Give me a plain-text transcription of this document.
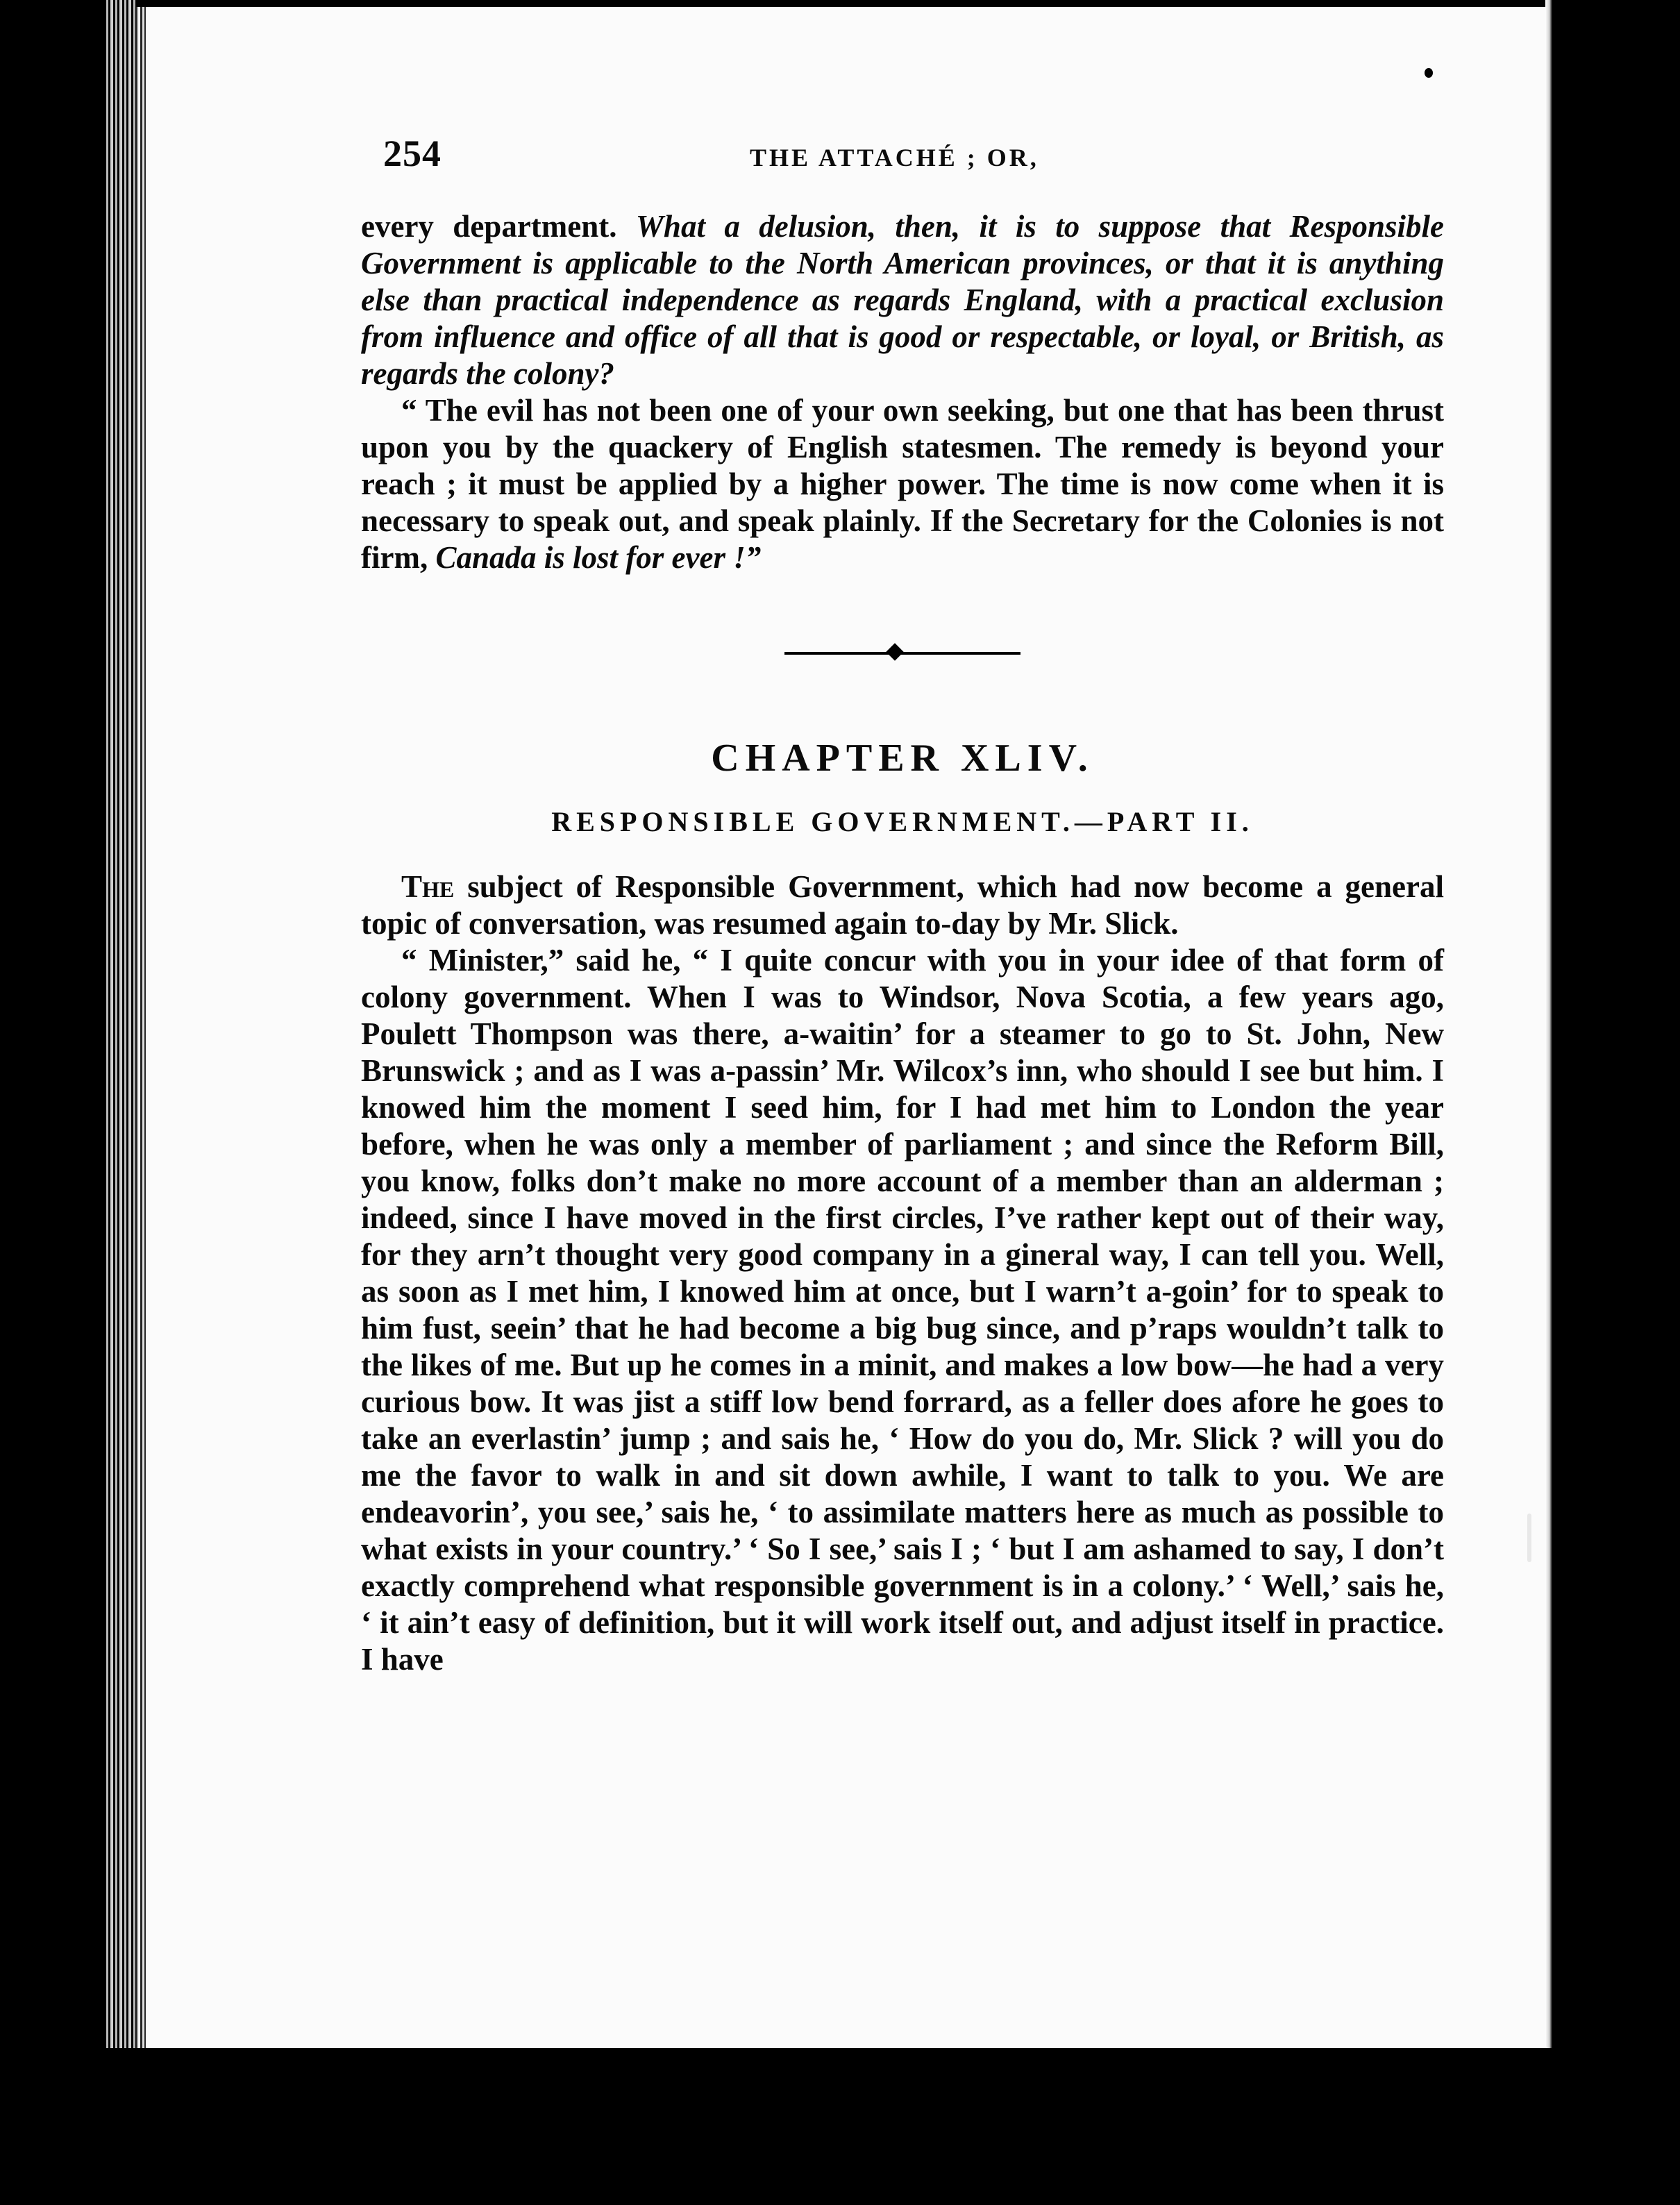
254	THE ATTACHÉ ; OR,

every department. What a delusion, then, it is to suppose that Responsible Government is applicable to the North American provinces, or that it is anything else than practical independence as regards England, with a practical exclusion from influence and office of all that is good or respectable, or loyal, or British, as regards the colony?

“ The evil has not been one of your own seeking, but one that has been thrust upon you by the quackery of English statesmen. The remedy is beyond your reach ; it must be applied by a higher power. The time is now come when it is necessary to speak out, and speak plainly. If the Secretary for the Colonies is not firm, Canada is lost for ever !”

CHAPTER XLIV.
RESPONSIBLE GOVERNMENT.—PART II.

The subject of Responsible Government, which had now become a general topic of conversation, was resumed again to-day by Mr. Slick.

“ Minister,” said he, “ I quite concur with you in your idee of that form of colony government. When I was to Windsor, Nova Scotia, a few years ago, Poulett Thompson was there, a-waitin’ for a steamer to go to St. John, New Brunswick ; and as I was a-passin’ Mr. Wilcox’s inn, who should I see but him. I knowed him the moment I seed him, for I had met him to London the year before, when he was only a member of parliament ; and since the Reform Bill, you know, folks don’t make no more account of a member than an alderman ; indeed, since I have moved in the first circles, I’ve rather kept out of their way, for they arn’t thought very good company in a gineral way, I can tell you. Well, as soon as I met him, I knowed him at once, but I warn’t a-goin’ for to speak to him fust, seein’ that he had become a big bug since, and p’raps wouldn’t talk to the likes of me. But up he comes in a minit, and makes a low bow—he had a very curious bow. It was jist a stiff low bend forrard, as a feller does afore he goes to take an everlastin’ jump ; and sais he, ‘ How do you do, Mr. Slick ? will you do me the favor to walk in and sit down awhile, I want to talk to you. We are endeavorin’, you see,’ sais he, ‘ to assimilate matters here as much as possible to what exists in your country.’ ‘ So I see,’ sais I ; ‘ but I am ashamed to say, I don’t exactly comprehend what responsible government is in a colony.’ ‘ Well,’ sais he, ‘ it ain’t easy of definition, but it will work itself out, and adjust itself in practice. I have
